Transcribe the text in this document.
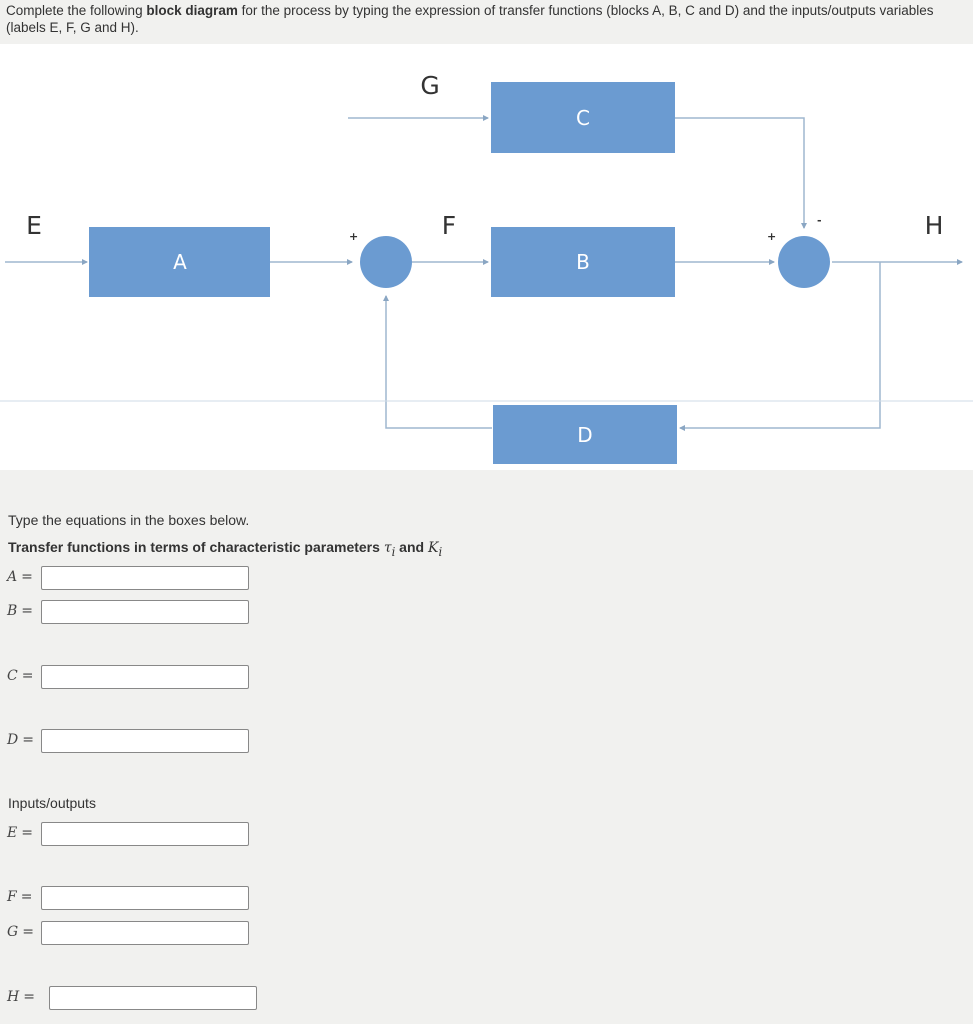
Complete the following block diagram for the process by typing the expression of transfer functions (blocks A, B, C and D) and the inputs/outputs variables (labels E, F, G and H).
A
C
B
D
E
G
F	H
+	+
-
Type the equations in the boxes below.
Transfer functions in terms of characteristic parameters $\tau_i$ and $K_i$
A =
B =
C =
D =
Inputs/outputs
E =
F =
G =
H =
